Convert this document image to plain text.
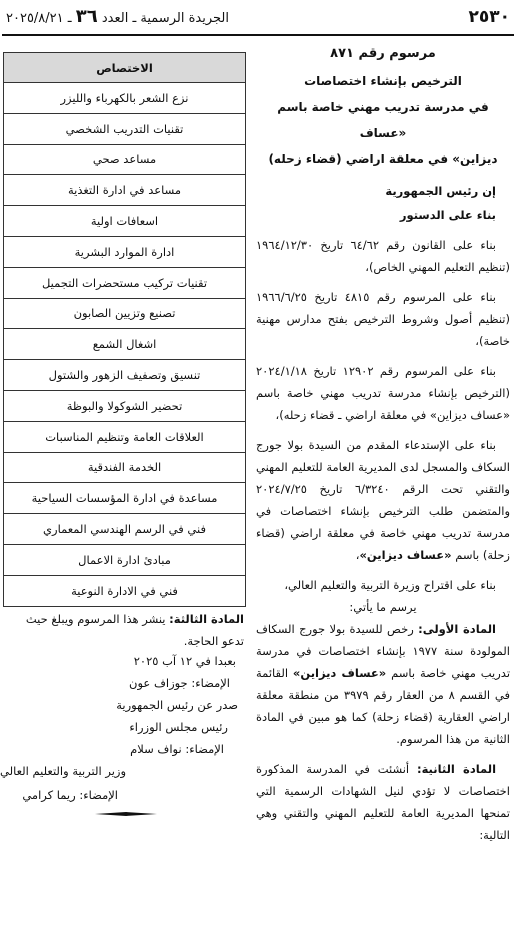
٢٥٣٠
الجريدة الرسمية ـ العدد ٣٦ ـ ٢٠٢٥/٨/٢١

مرسوم رقم ٨٧١

الترخيص بإنشاء اختصاصات

في مدرسة تدريب مهني خاصة باسم «عساف

ديزاين» في معلقة اراضي (قضاء زحله)

إن رئيس الجمهورية

بناء على الدستور

بناء على القانون رقم ٦٤/٦٢ تاريخ ١٩٦٤/١٢/٣٠ (تنظيم التعليم المهني الخاص)،

بناء على المرسوم رقم ٤٨١٥ تاريخ ١٩٦٦/٦/٢٥ (تنظيم أصول وشروط الترخيص بفتح مدارس مهنية خاصة)،

بناء على المرسوم رقم ١٢٩٠٢ تاريخ ٢٠٢٤/١/١٨ (الترخيص بإنشاء مدرسة تدريب مهني خاصة باسم «عساف ديزاين» في معلقة اراضي ـ قضاء زحله)،

بناء على الإستدعاء المقدم من السيدة بولا جورج السكاف والمسجل لدى المديرية العامة للتعليم المهني والتقني تحت الرقم ٦/٣٢٤٠ تاريخ ٢٠٢٤/٧/٢٥ والمتضمن طلب الترخيص بإنشاء اختصاصات في مدرسة تدريب مهني خاصة في معلقة اراضي (قضاء زحلة) باسم «عساف ديزاين»،

بناء على اقتراح وزيرة التربية والتعليم العالي،

يرسم ما يأتي:

المادة الأولى: رخص للسيدة بولا جورج السكاف المولودة سنة ١٩٧٧ بإنشاء اختصاصات في مدرسة تدريب مهني خاصة باسم «عساف ديزاين» القائمة في القسم ٨ من العقار رقم ٣٩٧٩ من منطقة معلقة اراضي العقارية (قضاء زحلة) كما هو مبين في المادة الثانية من هذا المرسوم.

المادة الثانية: أنشئت في المدرسة المذكورة اختصاصات لا تؤدي لنيل الشهادات الرسمية التي تمنحها المديرية العامة للتعليم المهني والتقني وهي التالية:

الاختصاص
نزع الشعر بالكهرباء والليزر
تقنيات التدريب الشخصي
مساعد صحي
مساعد في ادارة التغذية
اسعافات اولية
ادارة الموارد البشرية
تقنيات تركيب مستحضرات التجميل
تصنيع وتزيين الصابون
اشغال الشمع
تنسيق وتصفيف الزهور والشتول
تحضير الشوكولا والبوظة
العلاقات العامة وتنظيم المناسبات
الخدمة الفندقية
مساعدة في ادارة المؤسسات السياحية
فني في الرسم الهندسي المعماري
مبادئ ادارة الاعمال
فني في الادارة النوعية

المادة الثالثة: ينشر هذا المرسوم ويبلغ حيث تدعو الحاجة.

بعبدا في ١٢ آب ٢٠٢٥
الإمضاء: جوزاف عون
صدر عن رئيس الجمهورية
رئيس مجلس الوزراء
الإمضاء: نواف سلام
وزير التربية والتعليم العالي
الإمضاء: ريما كرامي
